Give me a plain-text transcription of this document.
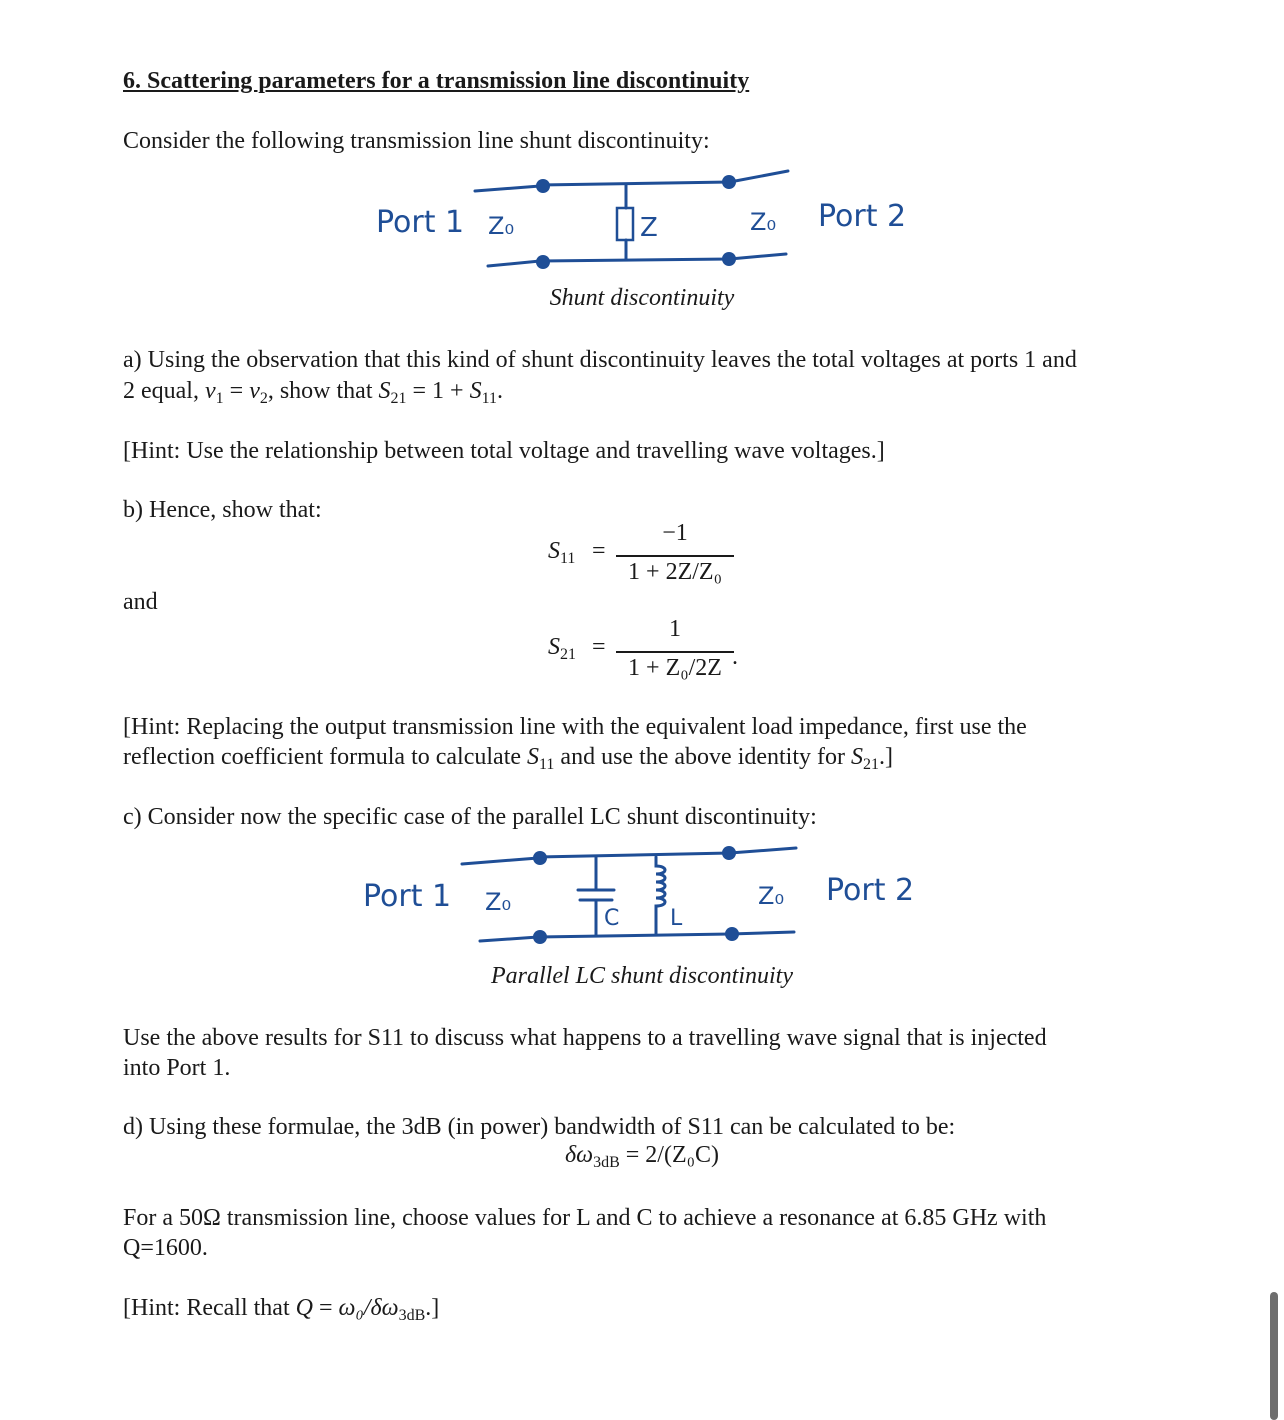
6. Scattering parameters for a transmission line discontinuity
Consider the following transmission line shunt discontinuity:
Port 1 Z₀	Z	Z₀ Port 2
Shunt discontinuity
a) Using the observation that this kind of shunt discontinuity leaves the total voltages at ports 1 and
2 equal, $v_1 = v_2$, show that $S_{21} = 1 + S_{11}$.
[Hint: Use the relationship between total voltage and travelling wave voltages.]
b) Hence, show that:
$S_{11}$ =
−1
1 + 2Z/Z₀
and
$S_{21}$ =
1
1 + Z₀/2Z .
[Hint: Replacing the output transmission line with the equivalent load impedance, first use the
reflection coefficient formula to calculate $S_{11}$ and use the above identity for $S_{21}$.]
c) Consider now the specific case of the parallel LC shunt discontinuity:
Port 1 Z₀
C L
Z₀ Port 2
Parallel LC shunt discontinuity
Use the above results for S11 to discuss what happens to a travelling wave signal that is injected
into Port 1.
d) Using these formulae, the 3dB (in power) bandwidth of S11 can be calculated to be:
$\delta\omega_{3dB} = 2/(Z_0C)$
For a 50Ω transmission line, choose values for L and C to achieve a resonance at 6.85 GHz with
Q=1600.
[Hint: Recall that $Q = \omega_0/\delta\omega_{3dB}$.]
